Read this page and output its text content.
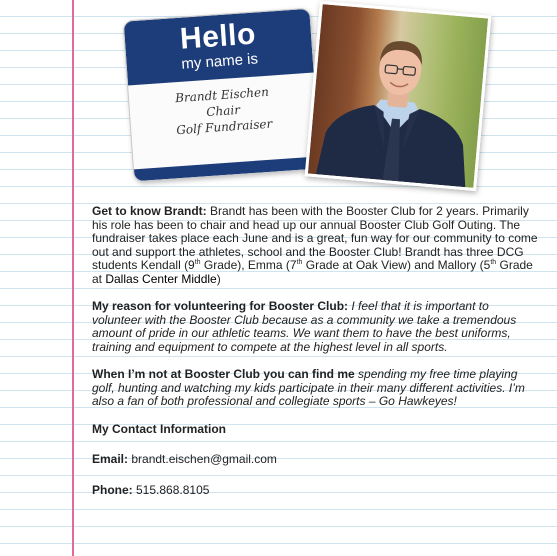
Hello
my name is
Brandt Eischen
Chair
Golf Fundraiser

Get to know Brandt: Brandt has been with the Booster Club for 2 years. Primarily his role has been to chair and head up our annual Booster Club Golf Outing. The fundraiser takes place each June and is a great, fun way for our community to come out and support the athletes, school and the Booster Club! Brandt has three DCG students Kendall (9th Grade), Emma (7th Grade at Oak View) and Mallory (5th Grade at Dallas Center Middle)

My reason for volunteering for Booster Club: I feel that it is important to volunteer with the Booster Club because as a community we take a tremendous amount of pride in our athletic teams. We want them to have the best uniforms, training and equipment to compete at the highest level in all sports.

When I’m not at Booster Club you can find me spending my free time playing golf, hunting and watching my kids participate in their many different activities. I’m also a fan of both professional and collegiate sports – Go Hawkeyes!

My Contact Information

Email: brandt.eischen@gmail.com

Phone: 515.868.8105
